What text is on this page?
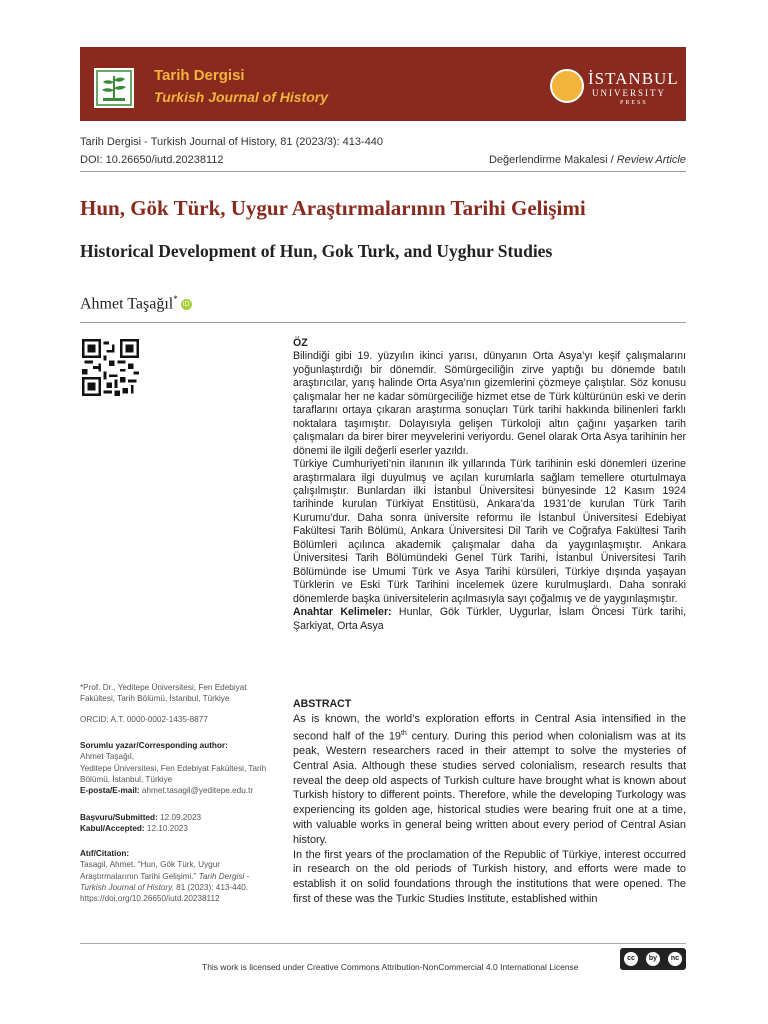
Tarih Dergisi
Turkish Journal of History
İSTANBUL
UNIVERSITY
PRESS
Tarih Dergisi - Turkish Journal of History, 81 (2023/3): 413-440
DOI: 10.26650/iutd.20238112	Değerlendirme Makalesi / Review Article
Hun, Gök Türk, Uygur Araştırmalarının Tarihi Gelişimi
Historical Development of Hun, Gok Turk, and Uyghur Studies
Ahmet Taşağıl*iD
*Prof. Dr., Yeditepe Üniversitesi, Fen Edebiyat Fakültesi, Tarih Bölümü, İstanbul, Türkiye
ORCID: A.T. 0000-0002-1435-8877
Sorumlu yazar/Corresponding author:
Ahmet Taşağıl,
Yeditepe Üniversitesi, Fen Edebiyat Fakültesi, Tarih Bölümü, İstanbul, Türkiye
E-posta/E-mail: ahmet.tasagil@yeditepe.edu.tr
Başvuru/Submitted: 12.09.2023
Kabul/Accepted: 12.10.2023
Atıf/Citation:
Tasagil, Ahmet. “Hun, Gök Türk, Uygur Araştırmalarının Tarihi Gelişimi.” Tarih Dergisi - Turkish Journal of History, 81 (2023): 413-440. https://doi.org/10.26650/iutd.20238112
ÖZ

Bilindiği gibi 19. yüzyılın ikinci yarısı, dünyanın Orta Asya’yı keşif çalışmalarını yoğunlaştırdığı bir dönemdir. Sömürgeciliğin zirve yaptığı bu dönemde batılı araştırıcılar, yarış halinde Orta Asya’nın gizemlerini çözmeye çalıştılar. Söz konusu çalışmalar her ne kadar sömürgeciliğe hizmet etse de Türk kültürünün eski ve derin taraflarını ortaya çıkaran araştırma sonuçları Türk tarihi hakkında bilinenleri farklı noktalara taşımıştır. Dolayısıyla gelişen Türkoloji altın çağını yaşarken tarih çalışmaları da birer birer meyvelerini veriyordu. Genel olarak Orta Asya tarihinin her dönemi ile ilgili değerli eserler yazıldı.

Türkiye Cumhuriyeti’nin ilanının ilk yıllarında Türk tarihinin eski dönemleri üzerine araştırmalara ilgi duyulmuş ve açılan kurumlarla sağlam temellere oturtulmaya çalışılmıştır. Bunlardan ilki İstanbul Üniversitesi bünyesinde 12 Kasım 1924 tarihinde kurulan Türkiyat Enstitüsü, Ankara’da 1931’de kurulan Türk Tarih Kurumu’dur. Daha sonra üniversite reformu ile İstanbul Üniversitesi Edebiyat Fakültesi Tarih Bölümü, Ankara Üniversitesi Dil Tarih ve Coğrafya Fakültesi Tarih Bölümleri açılınca akademik çalışmalar daha da yaygınlaşmıştır. Ankara Üniversitesi Tarih Bölümündeki Genel Türk Tarihi, İstanbul Üniversitesi Tarih Bölümünde ise Umumi Türk ve Asya Tarihi kürsüleri, Türkiye dışında yaşayan Türklerin ve Eski Türk Tarihini incelemek üzere kurulmuşlardı. Daha sonraki dönemlerde başka üniversitelerin açılmasıyla sayı çoğalmış ve de yaygınlaşmıştır.

Anahtar Kelimeler: Hunlar, Gök Türkler, Uygurlar, İslam Öncesi Türk tarihi, Şarkiyat, Orta Asya

ABSTRACT

As is known, the world’s exploration efforts in Central Asia intensified in the second half of the 19th century. During this period when colonialism was at its peak, Western researchers raced in their attempt to solve the mysteries of Central Asia. Although these studies served colonialism, research results that reveal the deep old aspects of Turkish culture have brought what is known about Turkish history to different points. Therefore, while the developing Turkology was experiencing its golden age, historical studies were bearing fruit one at a time, with valuable works in general being written about every period of Central Asian history.

In the first years of the proclamation of the Republic of Türkiye, interest occurred in research on the old periods of Turkish history, and efforts were made to establish it on solid foundations through the institutions that were opened. The first of these was the Turkic Studies Institute, established within

This work is licensed under Creative Commons Attribution-NonCommercial 4.0 International License
cc	by	nc
